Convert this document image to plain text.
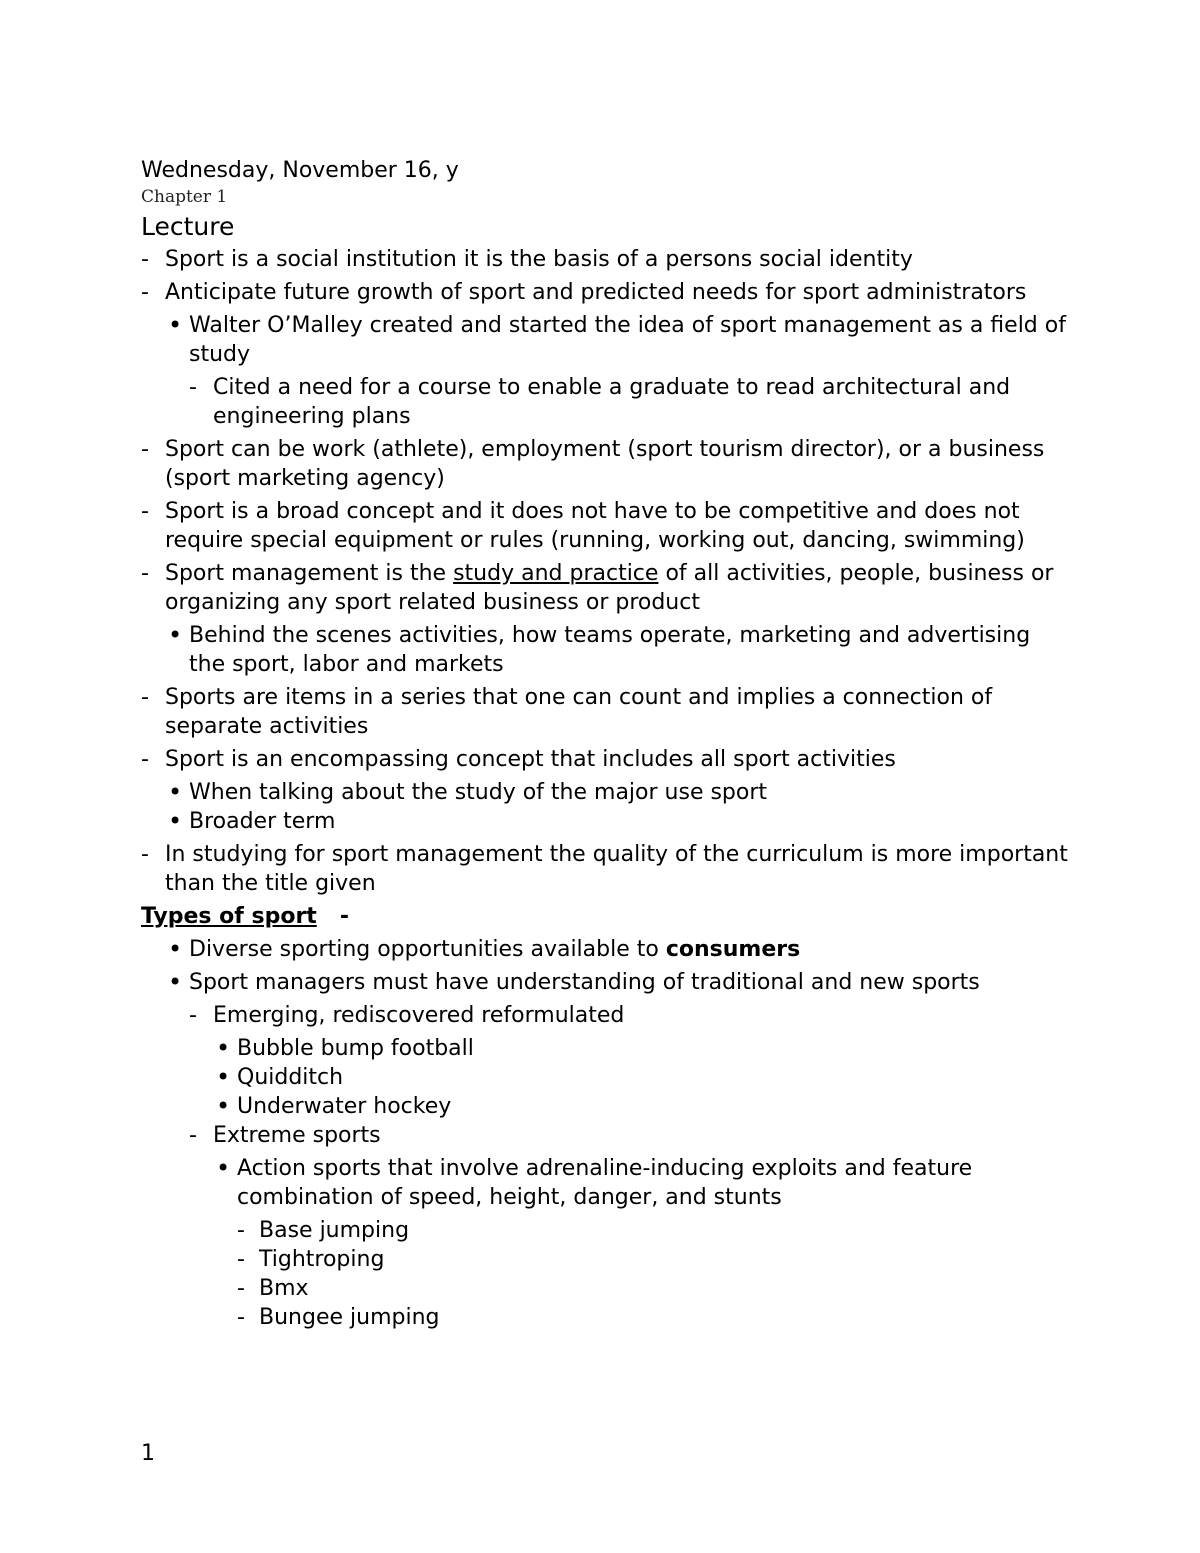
Wednesday, November 16, y

Chapter 1

Lecture
- Sport is a social institution it is the basis of a persons social identity
- Anticipate future growth of sport and predicted needs for sport administrators
• Walter O’Malley created and started the idea of sport management as a field of study
- Cited a need for a course to enable a graduate to read architectural and engineering plans
- Sport can be work (athlete), employment (sport tourism director), or a business (sport marketing agency)
- Sport is a broad concept and it does not have to be competitive and does not require special equipment or rules (running, working out, dancing, swimming)
- Sport management is the study and practice of all activities, people, business or organizing any sport related business or product
• Behind the scenes activities, how teams operate, marketing and advertising the sport, labor and markets
- Sports are items in a series that one can count and implies a connection of separate activities
- Sport is an encompassing concept that includes all sport activities
• When talking about the study of the major use sport
• Broader term
- In studying for sport management the quality of the curriculum is more important than the title given
Types of sport -
• Diverse sporting opportunities available to consumers
• Sport managers must have understanding of traditional and new sports
- Emerging, rediscovered reformulated
• Bubble bump football
• Quidditch
• Underwater hockey
- Extreme sports
• Action sports that involve adrenaline-inducing exploits and feature combination of speed, height, danger, and stunts
- Base jumping
- Tightroping
- Bmx
- Bungee jumping
1
